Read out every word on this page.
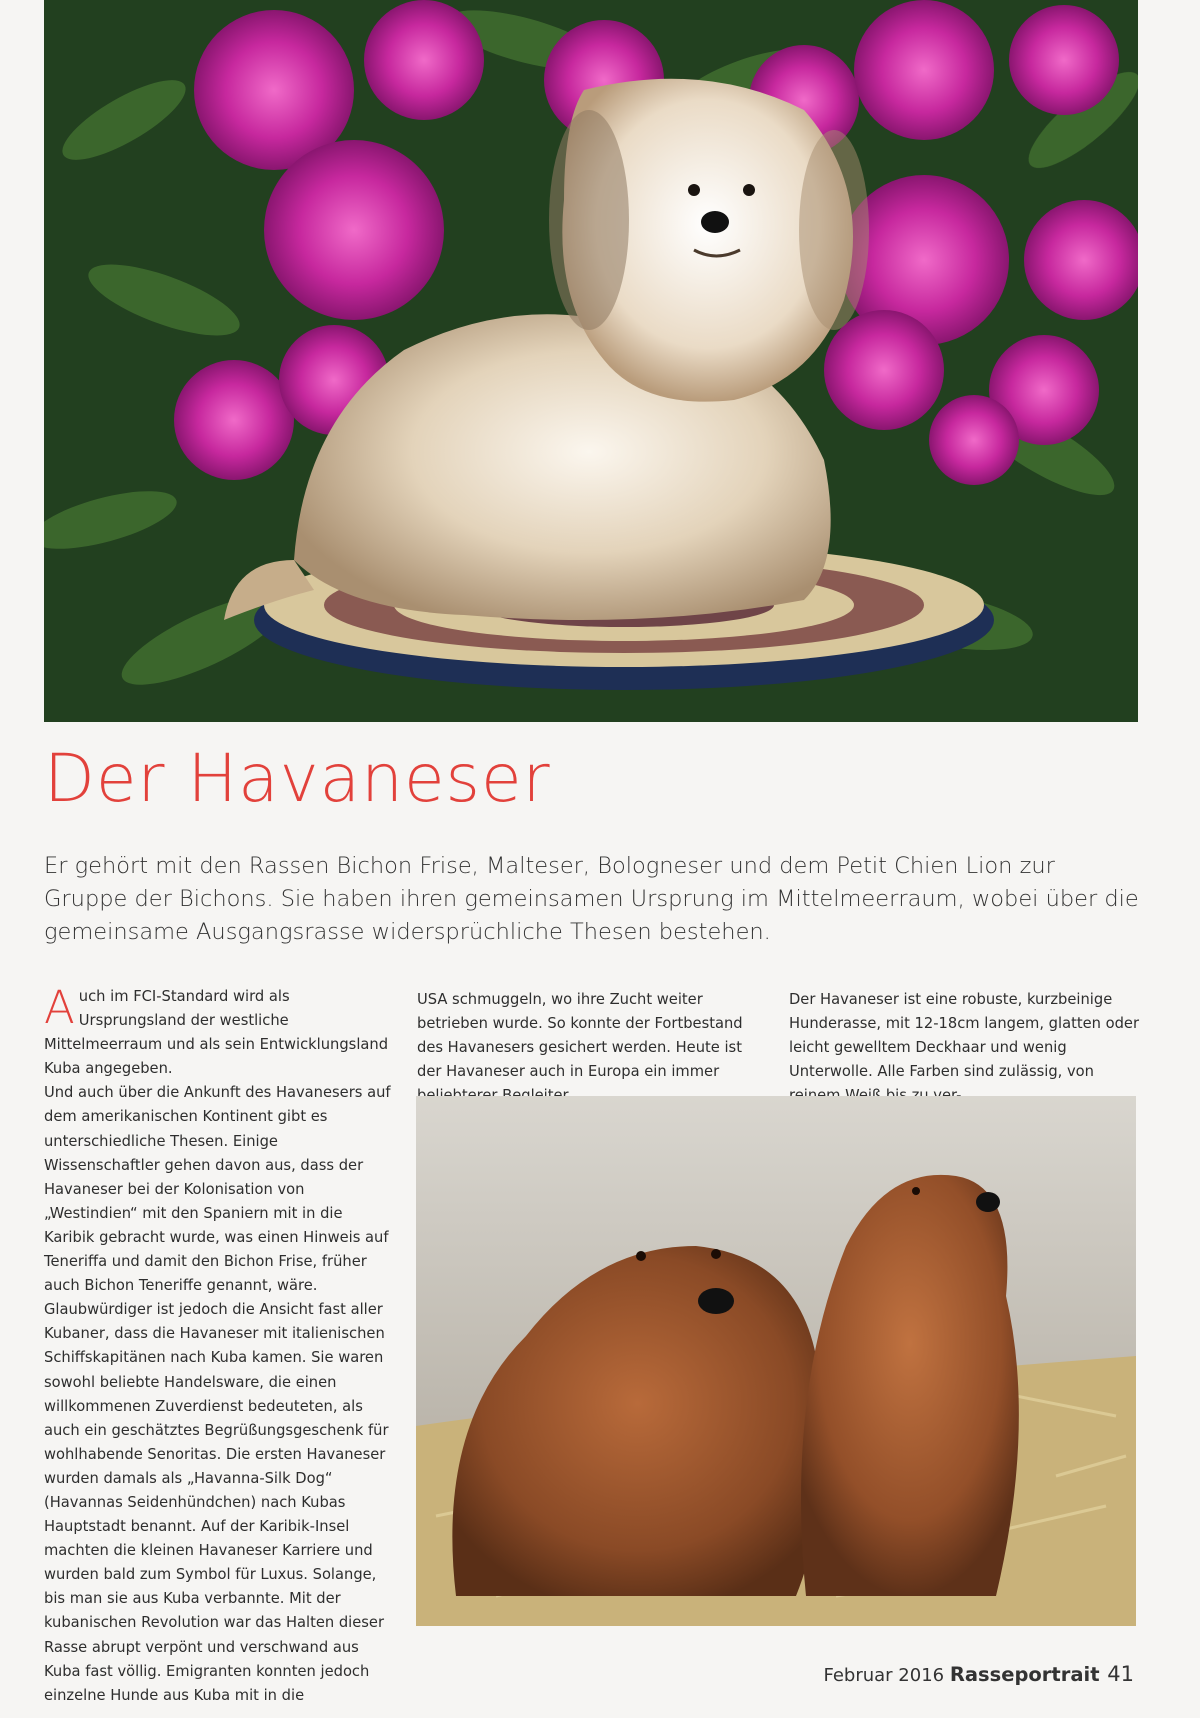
Der Havaneser

Er gehört mit den Rassen Bichon Frise, Malteser, Bologneser und dem Petit Chien Lion zur Gruppe der Bichons. Sie haben ihren gemeinsamen Ursprung im Mittelmeerraum, wobei über die gemeinsame Ausgangsrasse widersprüchliche Thesen bestehen.

Auch im FCI-Standard wird als Ursprungsland der westliche Mittelmeerraum und als sein Entwicklungsland Kuba angegeben.

Und auch über die Ankunft des Havanesers auf dem amerikanischen Kontinent gibt es unterschiedliche Thesen. Einige Wissenschaftler gehen davon aus, dass der Havaneser bei der Kolonisation von „Westindien“ mit den Spaniern mit in die Karibik gebracht wurde, was einen Hinweis auf Teneriffa und damit den Bichon Frise, früher auch Bichon Teneriffe genannt, wäre. Glaubwürdiger ist jedoch die Ansicht fast aller Kubaner, dass die Havaneser mit italienischen Schiffskapitänen nach Kuba kamen. Sie waren sowohl beliebte Handelsware, die einen willkommenen Zuverdienst bedeuteten, als auch ein geschätztes Begrüßungsgeschenk für wohlhabende Senoritas. Die ersten Havaneser wurden damals als „Havanna-Silk Dog“ (Havannas Seidenhündchen) nach Kubas Hauptstadt benannt. Auf der Karibik-Insel machten die kleinen Havaneser Karriere und wurden bald zum Symbol für Luxus. Solange, bis man sie aus Kuba verbannte. Mit der kubanischen Revolution war das Halten dieser Rasse abrupt verpönt und verschwand aus Kuba fast völlig. Emigranten konnten jedoch einzelne Hunde aus Kuba mit in die

USA schmuggeln, wo ihre Zucht weiter betrieben wurde. So konnte der Fortbestand des Havanesers gesichert werden. Heute ist der Havaneser auch in Europa ein immer

Der Havaneser ist eine robuste, kurzbeinige Hunderasse, mit 12-18cm langem, glatten oder leicht gewelltem Deckhaar und wenig Unterwolle. Alle Farben sind zulässig, von

Februar 2016 Rasseportrait 41
